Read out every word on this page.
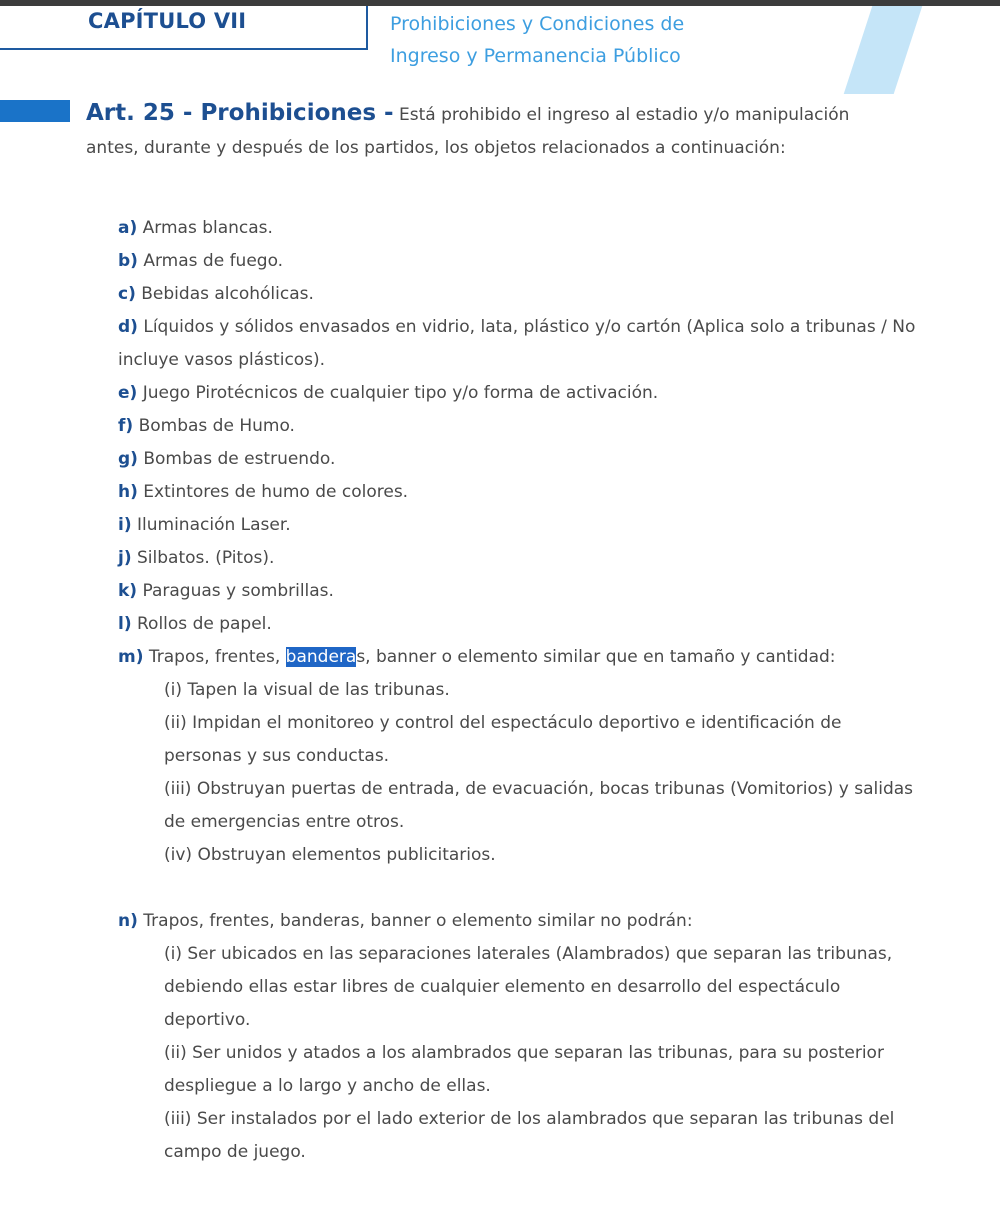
CAPÍTULO VII	Prohibiciones y Condiciones de
Ingreso y Permanencia Público
Art. 25 - Prohibiciones - Está prohibido el ingreso al estadio y/o manipulación antes, durante y después de los partidos, los objetos relacionados a continuación:
a) Armas blancas.
b) Armas de fuego.
c) Bebidas alcohólicas.
d) Líquidos y sólidos envasados en vidrio, lata, plástico y/o cartón (Aplica solo a tribunas / No incluye vasos plásticos).
e) Juego Pirotécnicos de cualquier tipo y/o forma de activación.
f) Bombas de Humo.
g) Bombas de estruendo.
h) Extintores de humo de colores.
i) Iluminación Laser.
j) Silbatos. (Pitos).
k) Paraguas y sombrillas.
l) Rollos de papel.
m) Trapos, frentes, banderas, banner o elemento similar que en tamaño y cantidad:
(i) Tapen la visual de las tribunas.
(ii) Impidan el monitoreo y control del espectáculo deportivo e identificación de personas y sus conductas.
(iii) Obstruyan puertas de entrada, de evacuación, bocas tribunas (Vomitorios) y salidas de emergencias entre otros.
(iv) Obstruyan elementos publicitarios.
n) Trapos, frentes, banderas, banner o elemento similar no podrán:
(i) Ser ubicados en las separaciones laterales (Alambrados) que separan las tribunas, debiendo ellas estar libres de cualquier elemento en desarrollo del espectáculo deportivo.
(ii) Ser unidos y atados a los alambrados que separan las tribunas, para su posterior despliegue a lo largo y ancho de ellas.
(iii) Ser instalados por el lado exterior de los alambrados que separan las tribunas del campo de juego.
